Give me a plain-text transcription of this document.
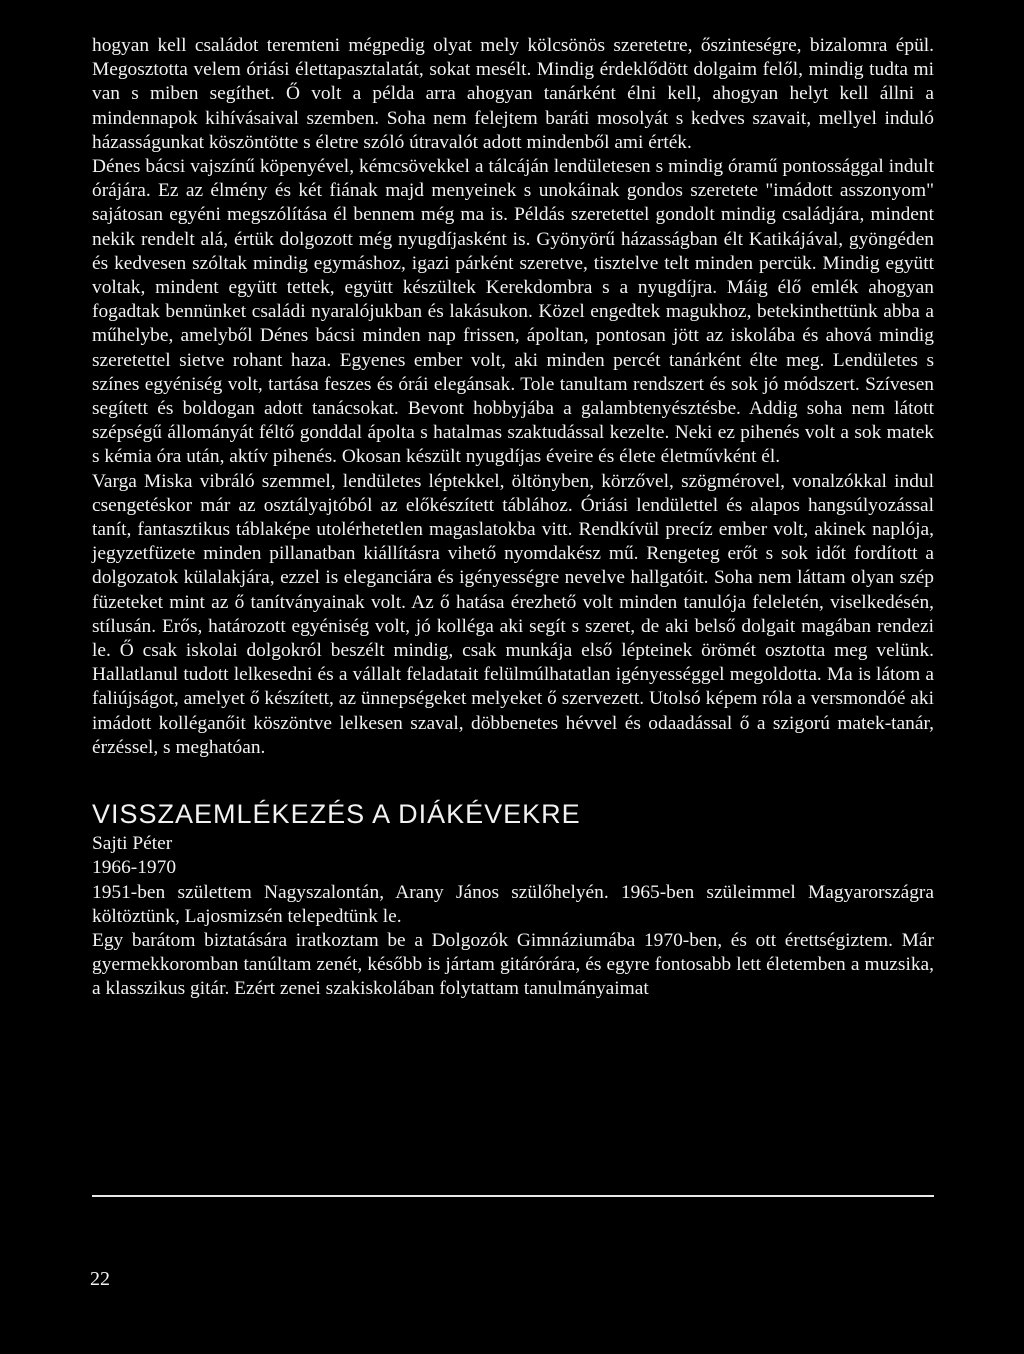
hogyan kell családot teremteni mégpedig olyat mely kölcsönös szeretetre, őszinteségre, bizalomra épül. Megosztotta velem óriási élettapasztalatát, sokat mesélt. Mindig érdeklődött dolgaim felől, mindig tudta mi van s miben segíthet. Ő volt a példa arra ahogyan tanárként élni kell, ahogyan helyt kell állni a mindennapok kihívásaival szemben. Soha nem felejtem baráti mosolyát s kedves szavait, mellyel induló házasságunkat köszöntötte s életre szóló útravalót adott mindenből ami érték.

Dénes bácsi vajszínű köpenyével, kémcsövekkel a tálcáján lendületesen s mindig óramű pontossággal indult órájára. Ez az élmény és két fiának majd menyeinek s unokáinak gondos szeretete "imádott asszonyom" sajátosan egyéni megszólítása él bennem még ma is. Példás szeretettel gondolt mindig családjára, mindent nekik rendelt alá, értük dolgozott még nyugdíjasként is. Gyönyörű házasságban élt Katikájával, gyöngéden és kedvesen szóltak mindig egymáshoz, igazi párként szeretve, tisztelve telt minden percük. Mindig együtt voltak, mindent együtt tettek, együtt készültek Kerekdombra s a nyugdíjra. Máig élő emlék ahogyan fogadtak bennünket családi nyaralójukban és lakásukon. Közel engedtek magukhoz, betekinthettünk abba a műhelybe, amelyből Dénes bácsi minden nap frissen, ápoltan, pontosan jött az iskolába és ahová mindig szeretettel sietve rohant haza. Egyenes ember volt, aki minden percét tanárként élte meg. Lendületes s színes egyéniség volt, tartása feszes és órái elegánsak. Tole tanultam rendszert és sok jó módszert. Szívesen segített és boldogan adott tanácsokat. Bevont hobbyjába a galambtenyésztésbe. Addig soha nem látott szépségű állományát féltő gonddal ápolta s hatalmas szaktudással kezelte. Neki ez pihenés volt a sok matek s kémia óra után, aktív pihenés. Okosan készült nyugdíjas éveire és élete életművként él.

Varga Miska vibráló szemmel, lendületes léptekkel, öltönyben, körzővel, szögmérovel, vonalzókkal indul csengetéskor már az osztályajtóból az előkészített táblához. Óriási lendülettel és alapos hangsúlyozással tanít, fantasztikus táblaképe utolérhetetlen magaslatokba vitt. Rendkívül precíz ember volt, akinek naplója, jegyzetfüzete minden pillanatban kiállításra vihető nyomdakész mű. Rengeteg erőt s sok időt fordított a dolgozatok külalakjára, ezzel is eleganciára és igényességre nevelve hallgatóit. Soha nem láttam olyan szép füzeteket mint az ő tanítványainak volt. Az ő hatása érezhető volt minden tanulója feleletén, viselkedésén, stílusán. Erős, határozott egyéniség volt, jó kolléga aki segít s szeret, de aki belső dolgait magában rendezi le. Ő csak iskolai dolgokról beszélt mindig, csak munkája első lépteinek örömét osztotta meg velünk. Hallatlanul tudott lelkesedni és a vállalt feladatait felülmúlhatatlan igényességgel megoldotta. Ma is látom a faliújságot, amelyet ő készített, az ünnepségeket melyeket ő szervezett. Utolsó képem róla a versmondóé aki imádott kolléganőit köszöntve lelkesen szaval, döbbenetes hévvel és odaadással ő a szigorú matek-tanár, érzéssel, s meghatóan.

VISSZAEMLÉKEZÉS A DIÁKÉVEKRE

Sajti Péter

1966-1970

1951-ben születtem Nagyszalontán, Arany János szülőhelyén. 1965-ben szüleimmel Magyarországra költöztünk, Lajosmizsén telepedtünk le.

Egy barátom biztatására iratkoztam be a Dolgozók Gimnáziumába 1970-ben, és ott érettségiztem. Már gyermekkoromban tanúltam zenét, később is jártam gitárórára, és egyre fontosabb lett életemben a muzsika, a klasszikus gitár. Ezért zenei szakiskolában folytattam tanulmányaimat

22
